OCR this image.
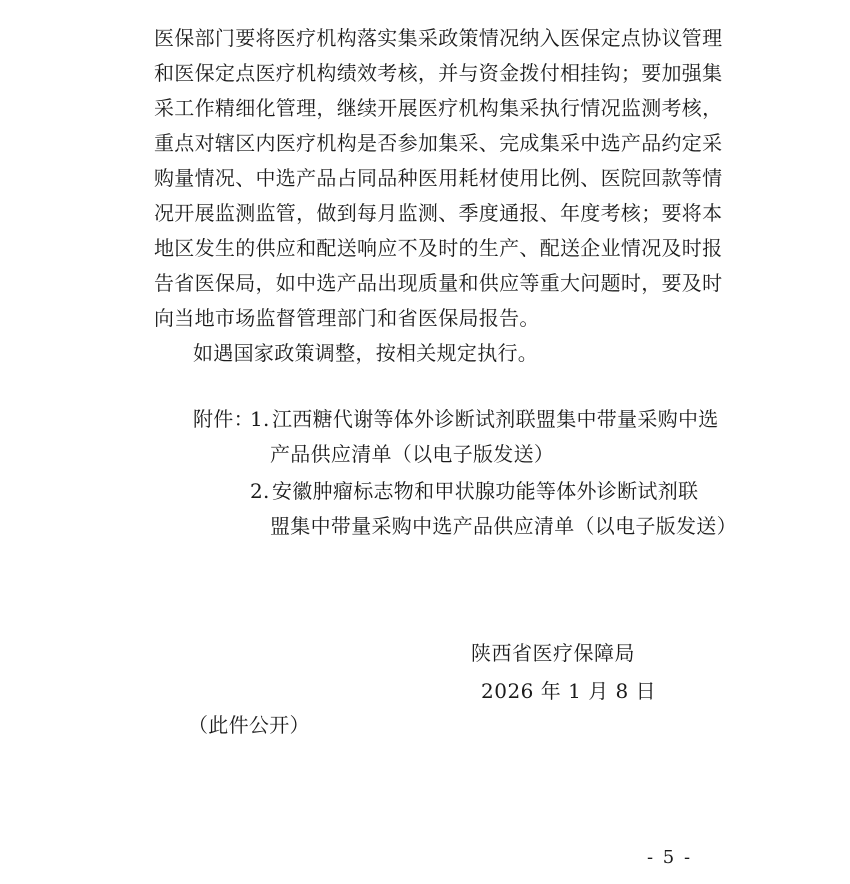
医保部门要将医疗机构落实集采政策情况纳入医保定点协议管理
和医保定点医疗机构绩效考核，并与资金拨付相挂钩；要加强集
采工作精细化管理，继续开展医疗机构集采执行情况监测考核，
重点对辖区内医疗机构是否参加集采、完成集采中选产品约定采
购量情况、中选产品占同品种医用耗材使用比例、医院回款等情
况开展监测监管，做到每月监测、季度通报、年度考核；要将本
地区发生的供应和配送响应不及时的生产、配送企业情况及时报
告省医保局，如中选产品出现质量和供应等重大问题时，要及时
向当地市场监督管理部门和省医保局报告。
如遇国家政策调整，按相关规定执行。
附件：
1. 江西糖代谢等体外诊断试剂联盟集中带量采购中选
产品供应清单（以电子版发送）
2. 安徽肿瘤标志物和甲状腺功能等体外诊断试剂联
盟集中带量采购中选产品供应清单（以电子版发送）
陕西省医疗保障局
2026 年 1 月 8 日
（此件公开）
- 5 -
